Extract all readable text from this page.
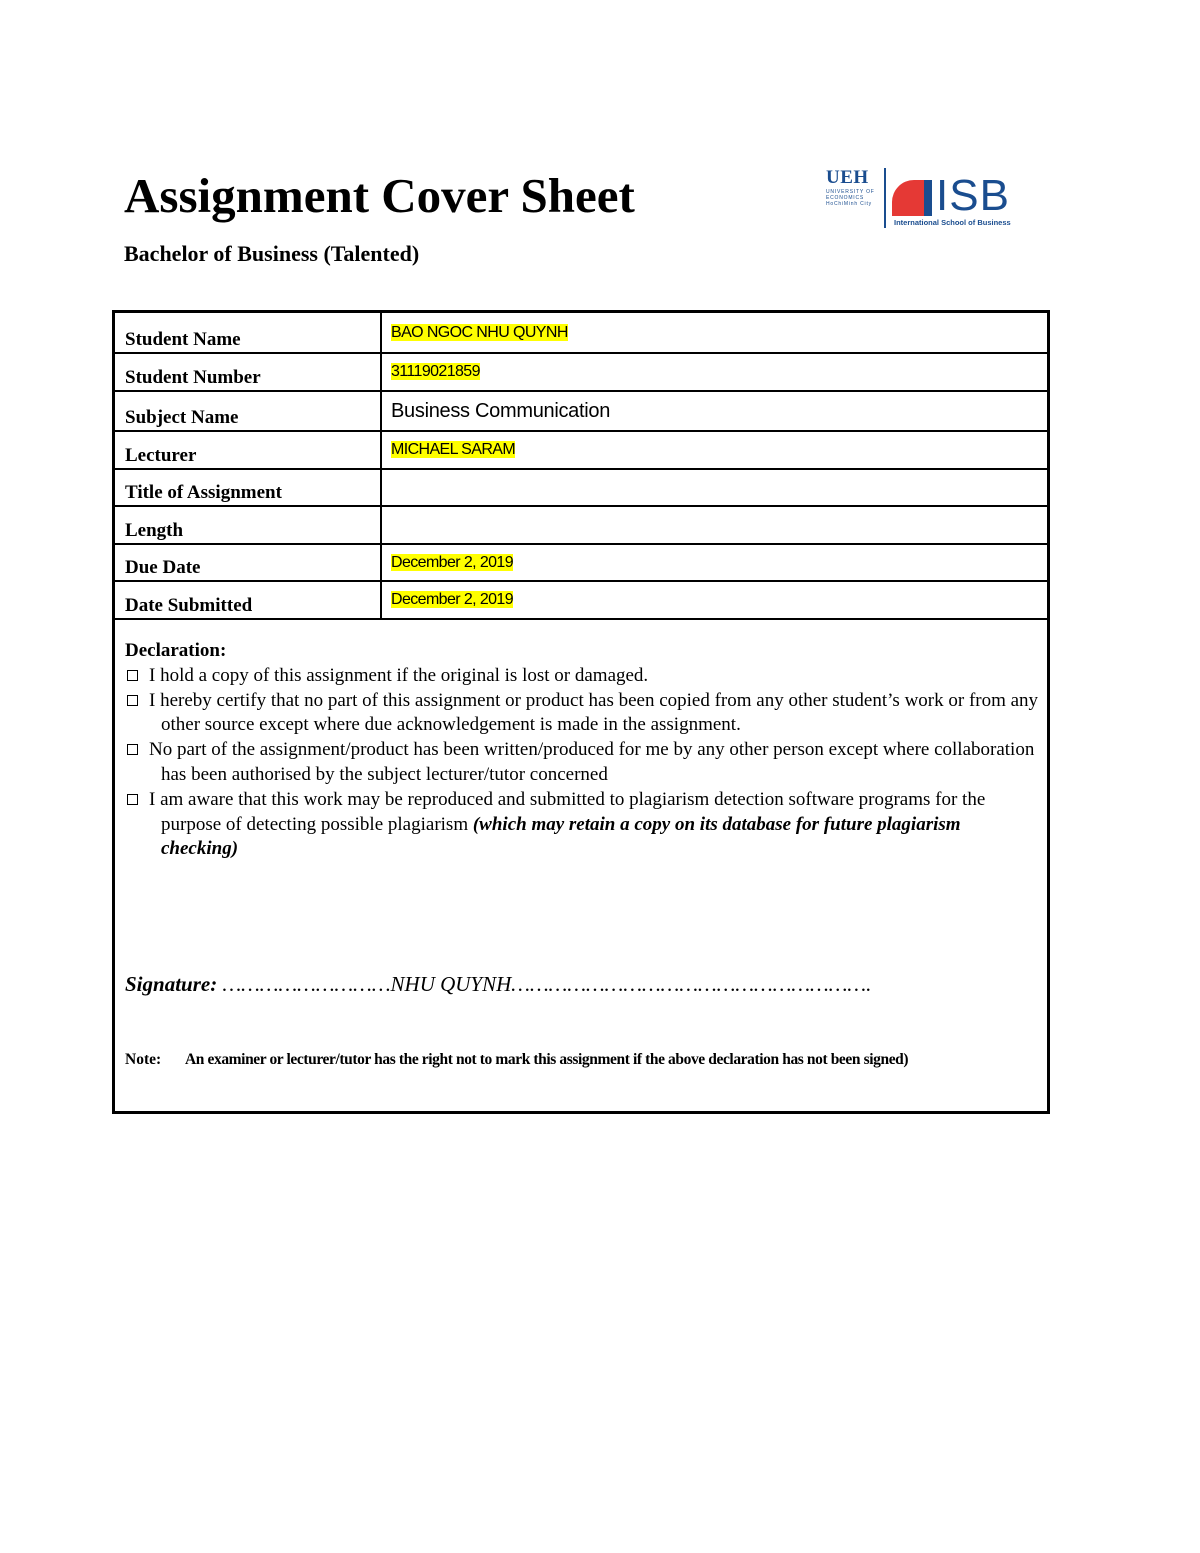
Assignment Cover Sheet
Bachelor of Business (Talented)
UEH
UNIVERSITY OF ECONOMICS HoChiMinh City ISB
International School of Business
Student Name	BAO NGOC NHU QUYNH
Student Number	31119021859
Subject Name	Business Communication
Lecturer	MICHAEL SARAM
Title of Assignment	
Length	
Due Date	December 2, 2019
Date Submitted	December 2, 2019
Declaration:
I hold a copy of this assignment if the original is lost or damaged.
I hereby certify that no part of this assignment or product has been copied from any other student’s work or from any other source except where due acknowledgement is made in the assignment.
No part of the assignment/product has been written/produced for me by any other person except where collaboration has been authorised by the subject lecturer/tutor concerned
I am aware that this work may be reproduced and submitted to plagiarism detection software programs for the purpose of detecting possible plagiarism (which may retain a copy on its database for future plagiarism checking)
Signature: ………………………NHU QUYNH………………………………………………….
Note: An examiner or lecturer/tutor has the right not to mark this assignment if the above declaration has not been signed)
